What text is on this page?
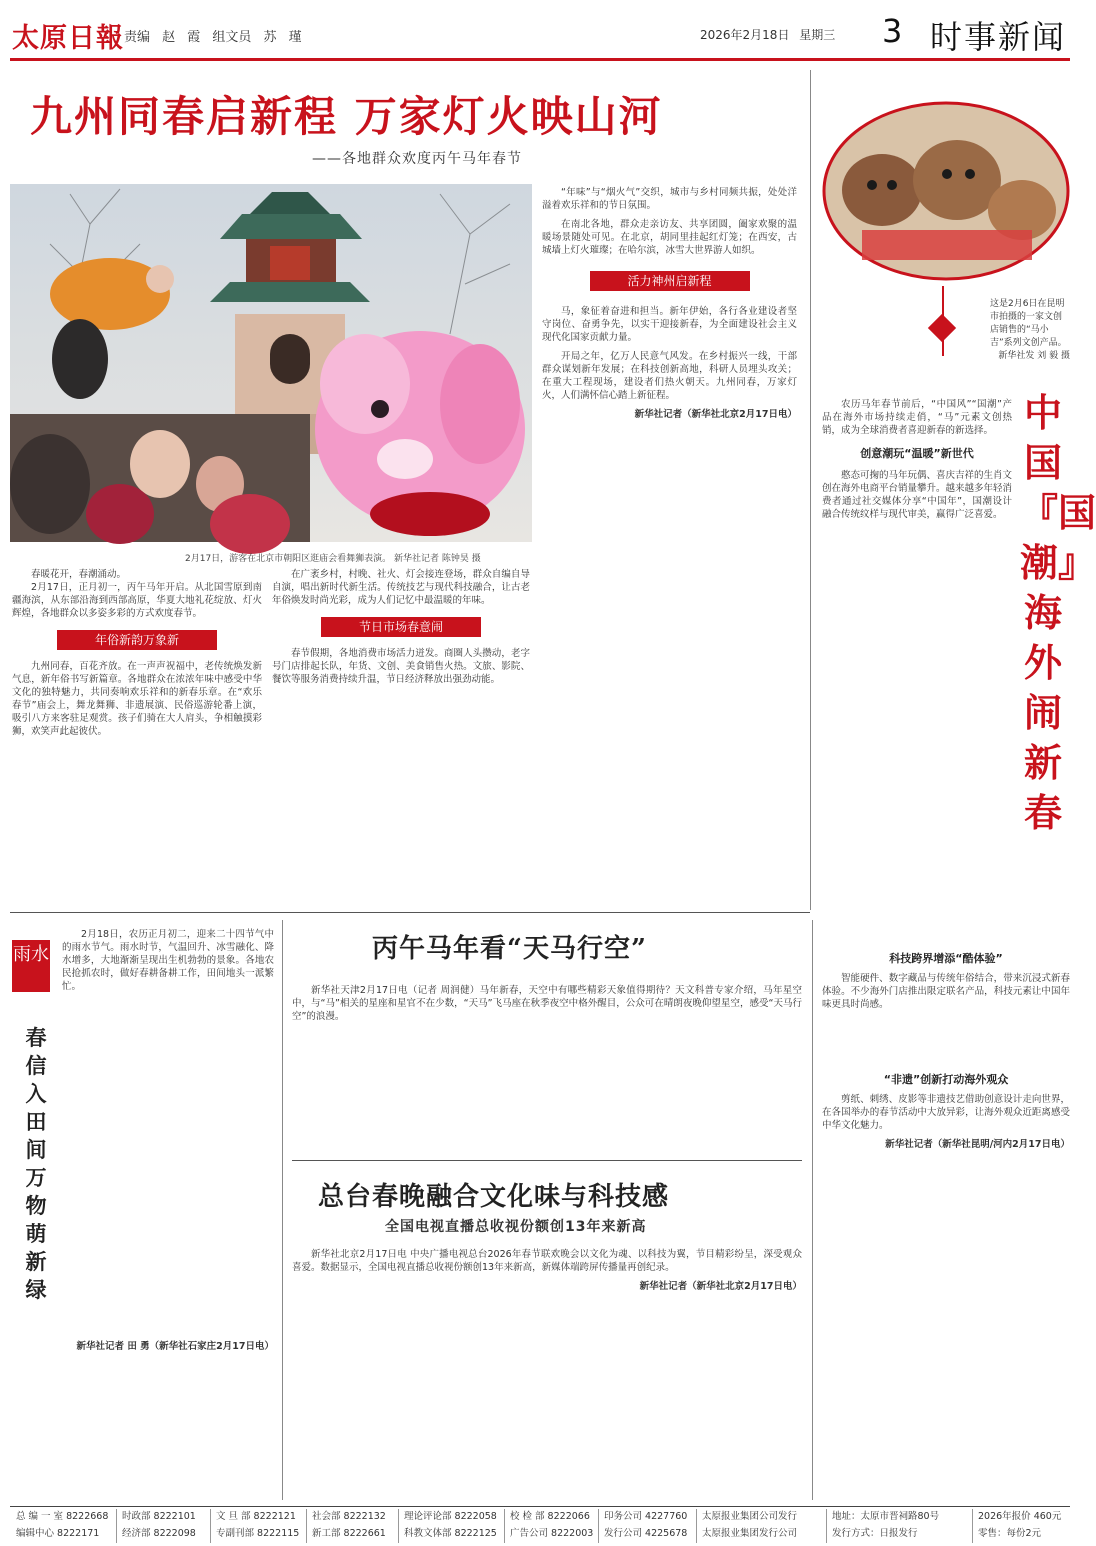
太原日報 责编 赵 霞 组文员 苏 瑾	2026年2月18日 星期三 3 时事新闻
九州同春启新程 万家灯火映山河
——各地群众欢度丙午马年春节
2月17日，游客在北京市朝阳区逛庙会看舞狮表演。 新华社记者 陈钟昊 摄

春暖花开，春潮涌动。

2月17日，正月初一，丙午马年开启。从北国雪原到南疆海滨，从东部沿海到西部高原，华夏大地礼花绽放、灯火辉煌，各地群众以多姿多彩的方式欢度春节。

年俗新韵万象新

九州同春，百花齐放。在一声声祝福中，老传统焕发新气息，新年俗书写新篇章。各地群众在浓浓年味中感受中华文化的独特魅力，共同奏响欢乐祥和的新春乐章。在“欢乐春节”庙会上，舞龙舞狮、非遗展演、民俗巡游轮番上演，吸引八方来客驻足观赏。孩子们骑在大人肩头，争相触摸彩狮，欢笑声此起彼伏。

在广袤乡村，村晚、社火、灯会接连登场，群众自编自导自演，唱出新时代新生活。传统技艺与现代科技融合，让古老年俗焕发时尚光彩，成为人们记忆中最温暖的年味。

节日市场春意闹

春节假期，各地消费市场活力迸发。商圈人头攒动，老字号门店排起长队，年货、文创、美食销售火热。文旅、影院、餐饮等服务消费持续升温，节日经济释放出强劲动能。

“年味”与“烟火气”交织，城市与乡村同频共振，处处洋溢着欢乐祥和的节日氛围。

在南北各地，群众走亲访友、共享团圆，阖家欢聚的温暖场景随处可见。在北京，胡同里挂起红灯笼；在西安，古城墙上灯火璀璨；在哈尔滨，冰雪大世界游人如织。

活力神州启新程

马，象征着奋进和担当。新年伊始，各行各业建设者坚守岗位、奋勇争先，以实干迎接新春，为全面建设社会主义现代化国家贡献力量。

开局之年，亿万人民意气风发。在乡村振兴一线，干部群众谋划新年发展；在科技创新高地，科研人员埋头攻关；在重大工程现场，建设者们热火朝天。九州同春，万家灯火，人们满怀信心踏上新征程。

新华社记者（新华社北京2月17日电）

这是2月6日在昆明市拍摄的一家文创店销售的“马小吉”系列文创产品。
新华社发 刘 毅 摄
中国『国潮』海外闹新春

农历马年春节前后，“中国风”“国潮”产品在海外市场持续走俏，“马”元素文创热销，成为全球消费者喜迎新春的新选择。

创意潮玩“温暖”新世代

憨态可掬的马年玩偶、喜庆吉祥的生肖文创在海外电商平台销量攀升。越来越多年轻消费者通过社交媒体分享“中国年”，国潮设计融合传统纹样与现代审美，赢得广泛喜爱。

科技跨界增添“酷体验”

智能硬件、数字藏品与传统年俗结合，带来沉浸式新春体验。不少海外门店推出限定联名产品，科技元素让中国年味更具时尚感。

“非遗”创新打动海外观众

剪纸、刺绣、皮影等非遗技艺借助创意设计走向世界，在各国举办的春节活动中大放异彩，让海外观众近距离感受中华文化魅力。

新华社记者（新华社昆明/河内2月17日电）

雨水
春信入田间 万物萌新绿

2月18日，农历正月初二，迎来二十四节气中的雨水节气。雨水时节，气温回升、冰雪融化、降水增多，大地渐渐呈现出生机勃勃的景象。各地农民抢抓农时，做好春耕备耕工作，田间地头一派繁忙。

新华社记者 田 勇（新华社石家庄2月17日电）

丙午马年看“天马行空”

新华社天津2月17日电（记者 周润健）马年新春，天空中有哪些精彩天象值得期待？天文科普专家介绍，马年星空中，与“马”相关的星座和星官不在少数，“天马”飞马座在秋季夜空中格外醒目，公众可在晴朗夜晚仰望星空，感受“天马行空”的浪漫。

总台春晚融合文化味与科技感
全国电视直播总收视份额创13年来新高

新华社北京2月17日电 中央广播电视总台2026年春节联欢晚会以文化为魂、以科技为翼，节目精彩纷呈，深受观众喜爱。数据显示，全国电视直播总收视份额创13年来新高，新媒体端跨屏传播量再创纪录。

新华社记者（新华社北京2月17日电）

总 编 一 室 8222668 时政部 8222101 文 旦 部 8222121 社会部 8222132 理论评论部 8222058 校 检 部 8222066 印务公司 4227760 太原报业集团公司发行	地址：太原市晋祠路80号	2026年报价 460元
编辑中心 8222171 经济部 8222098 专副刊部 8222115 新工部 8222661 科教文体部 8222125 广告公司 8222003 发行公司 4225678 太原报业集团发行公司	发行方式：日报发行	零售：每份2元
